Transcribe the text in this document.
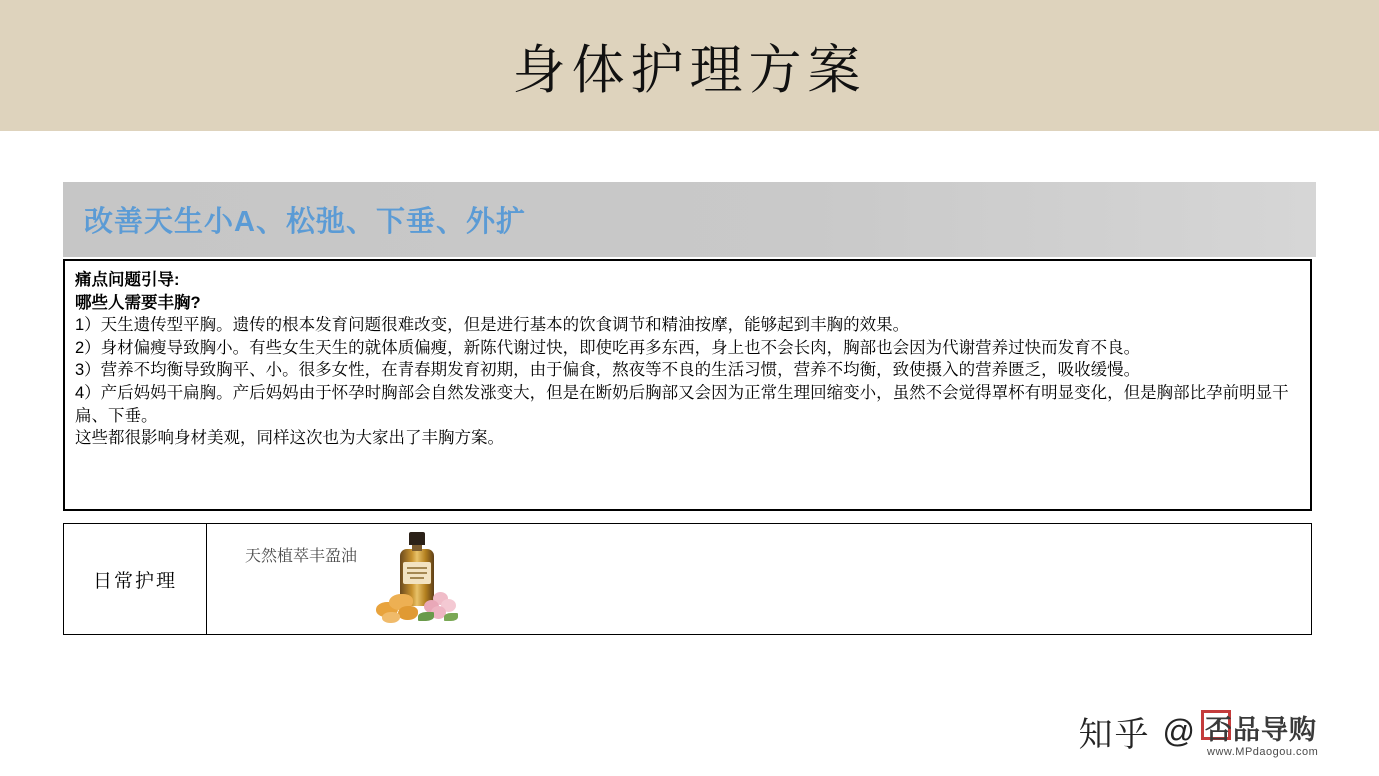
身体护理方案
改善天生小A、松弛、下垂、外扩

痛点问题引导:

哪些人需要丰胸?

1）天生遗传型平胸。遗传的根本发育问题很难改变，但是进行基本的饮食调节和精油按摩，能够起到丰胸的效果。

2）身材偏瘦导致胸小。有些女生天生的就体质偏瘦，新陈代谢过快，即使吃再多东西，身上也不会长肉，胸部也会因为代谢营养过快而发育不良。

3）营养不均衡导致胸平、小。很多女性，在青春期发育初期，由于偏食，熬夜等不良的生活习惯，营养不均衡，致使摄入的营养匮乏，吸收缓慢。

4）产后妈妈干扁胸。产后妈妈由于怀孕时胸部会自然发涨变大，但是在断奶后胸部又会因为正常生理回缩变小，虽然不会觉得罩杯有明显变化，但是胸部比孕前明显干扁、下垂。

这些都很影响身材美观，同样这次也为大家出了丰胸方案。

日常护理
天然植萃丰盈油
知乎 @ 否品导购
www.MPdaogou.com
